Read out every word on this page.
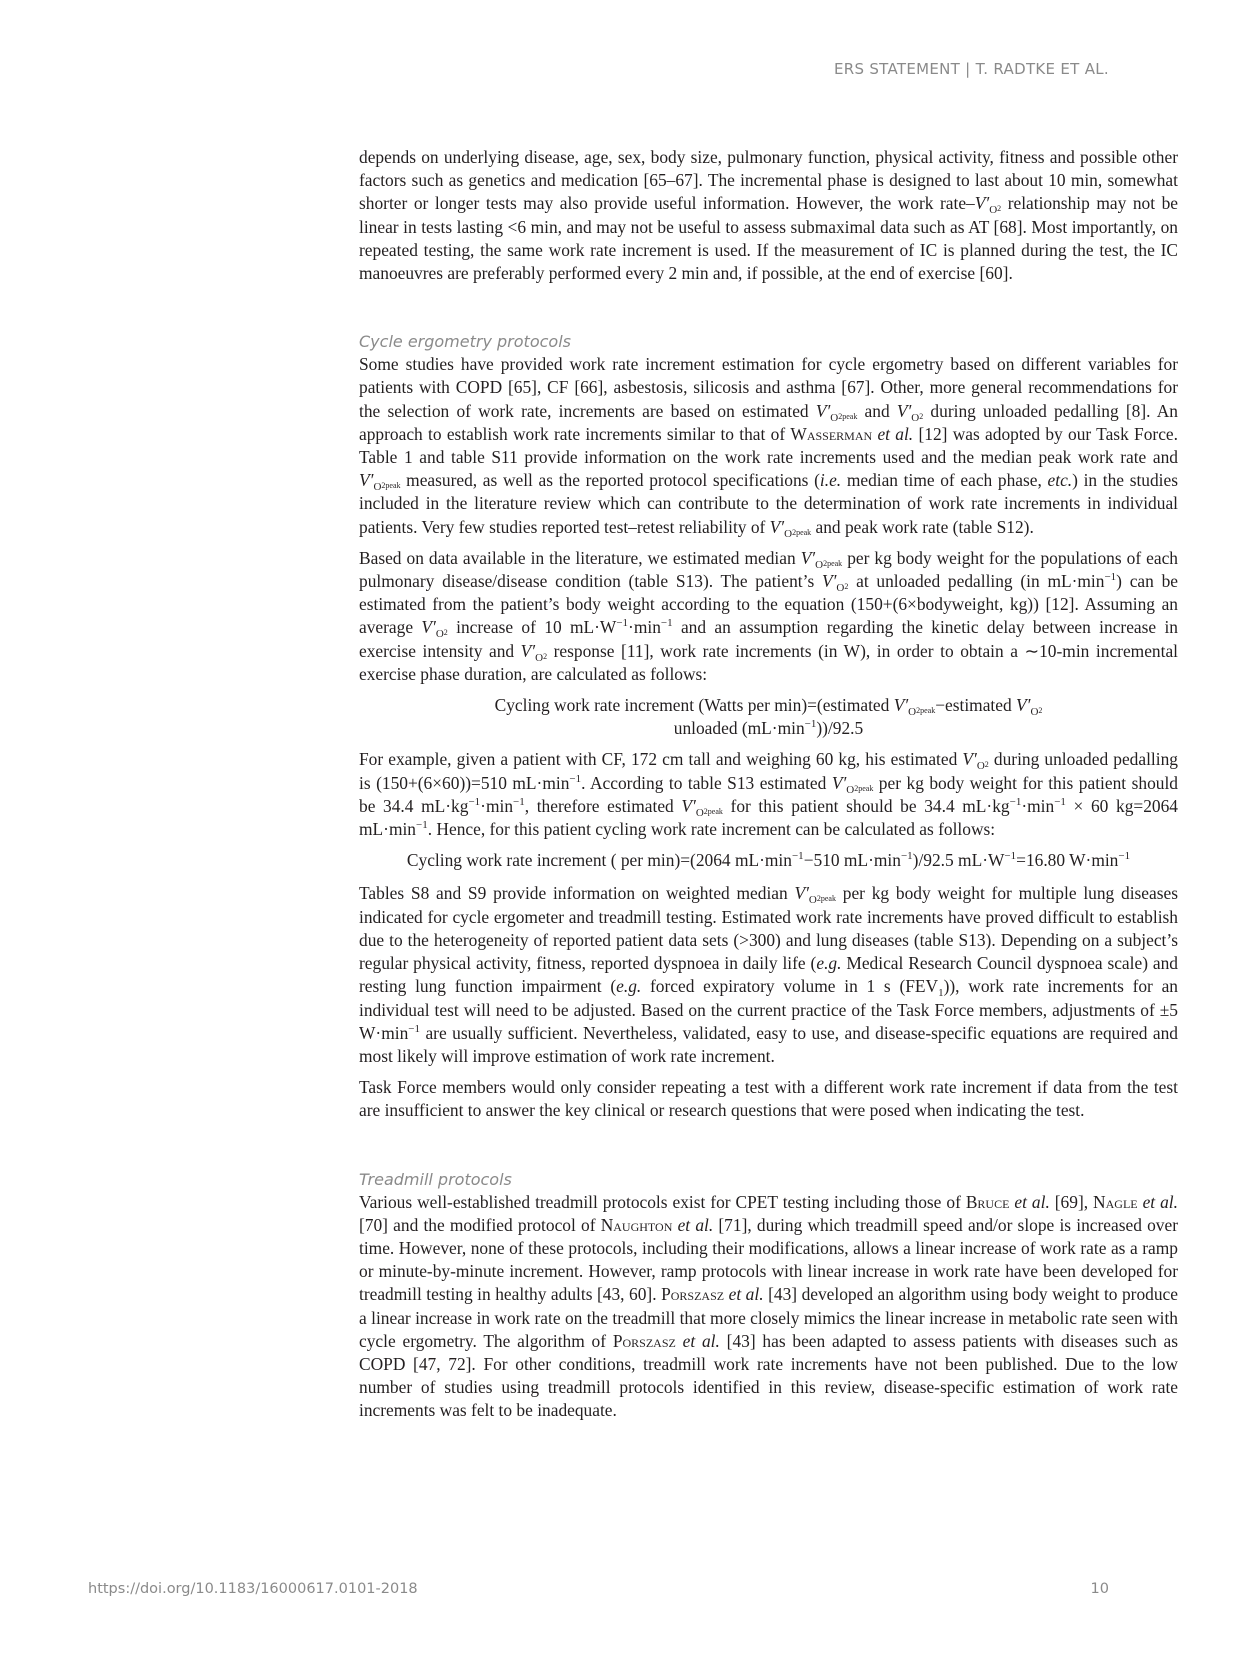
ERS STATEMENT | T. RADTKE ET AL.

depends on underlying disease, age, sex, body size, pulmonary function, physical activity, fitness and possible other factors such as genetics and medication [65–67]. The incremental phase is designed to last about 10 min, somewhat shorter or longer tests may also provide useful information. However, the work rate–$V'_{O2}$ relationship may not be linear in tests lasting <6 min, and may not be useful to assess submaximal data such as AT [68]. Most importantly, on repeated testing, the same work rate increment is used. If the measurement of IC is planned during the test, the IC manoeuvres are preferably performed every 2 min and, if possible, at the end of exercise [60].

Cycle ergometry protocols

Some studies have provided work rate increment estimation for cycle ergometry based on different variables for patients with COPD [65], CF [66], asbestosis, silicosis and asthma [67]. Other, more general recommendations for the selection of work rate, increments are based on estimated $V'_{O2peak}$ and $V'_{O2}$ during unloaded pedalling [8]. An approach to establish work rate increments similar to that of Wasserman et al. [12] was adopted by our Task Force. Table 1 and table S11 provide information on the work rate increments used and the median peak work rate and $V'_{O2peak}$ measured, as well as the reported protocol specifications (i.e. median time of each phase, etc.) in the studies included in the literature review which can contribute to the determination of work rate increments in individual patients. Very few studies reported test–retest reliability of $V'_{O2peak}$ and peak work rate (table S12).

Based on data available in the literature, we estimated median $V'_{O2peak}$ per kg body weight for the populations of each pulmonary disease/disease condition (table S13). The patient’s $V'_{O2}$ at unloaded pedalling (in $mL\cdot\min^{-1}$) can be estimated from the patient’s body weight according to the equation (150+(6×bodyweight, kg)) [12]. Assuming an average $V'_{O2}$ increase of 10 $mL\cdot W^{-1}\cdot\min^{-1}$ and an assumption regarding the kinetic delay between increase in exercise intensity and $V'_{O2}$ response [11], work rate increments (in W), in order to obtain a ∼10-min incremental exercise phase duration, are calculated as follows:

Cycling work rate increment (Watts per min)=(estimated $V'_{O2peak}-estimated$ $V'_{O2}$
unloaded $(mL\cdot\min^{-1}))/92.5$

For example, given a patient with CF, 172 cm tall and weighing 60 kg, his estimated $V'_{O2}$ during unloaded pedalling is (150+(6×60))=510 $mL\cdot\min^{-1}$. According to table S13 estimated $V'_{O2peak}$ per kg body weight for this patient should be 34.4 $mL\cdot kg^{-1}\cdot\min^{-1}$, therefore estimated $V'_{O2peak}$ for this patient should be 34.4 $mL\cdot kg^{-1}\cdot\min^{-1} \times 60$ kg=2064 $mL\cdot\min^{-1}$. Hence, for this patient cycling work rate increment can be calculated as follows:

Cycling work rate increment ( per min)=(2064 $mL\cdot\min^{-1}-510$ $mL\cdot\min^{-1})/92.5$ $mL\cdot W^{-1}=16.80$ $W\cdot\min^{-1}$

Tables S8 and S9 provide information on weighted median $V'_{O2peak}$ per kg body weight for multiple lung diseases indicated for cycle ergometer and treadmill testing. Estimated work rate increments have proved difficult to establish due to the heterogeneity of reported patient data sets (>300) and lung diseases (table S13). Depending on a subject’s regular physical activity, fitness, reported dyspnoea in daily life (e.g. Medical Research Council dyspnoea scale) and resting lung function impairment (e.g. forced expiratory volume in 1 s $(FEV_1)$), work rate increments for an individual test will need to be adjusted. Based on the current practice of the Task Force members, adjustments of ±5 $W\cdot\min^{-1}$ are usually sufficient. Nevertheless, validated, easy to use, and disease-specific equations are required and most likely will improve estimation of work rate increment.

Task Force members would only consider repeating a test with a different work rate increment if data from the test are insufficient to answer the key clinical or research questions that were posed when indicating the test.

Treadmill protocols

Various well-established treadmill protocols exist for CPET testing including those of Bruce et al. [69], Nagle et al. [70] and the modified protocol of Naughton et al. [71], during which treadmill speed and/or slope is increased over time. However, none of these protocols, including their modifications, allows a linear increase of work rate as a ramp or minute-by-minute increment. However, ramp protocols with linear increase in work rate have been developed for treadmill testing in healthy adults [43, 60]. Porszasz et al. [43] developed an algorithm using body weight to produce a linear increase in work rate on the treadmill that more closely mimics the linear increase in metabolic rate seen with cycle ergometry. The algorithm of Porszasz et al. [43] has been adapted to assess patients with diseases such as COPD [47, 72]. For other conditions, treadmill work rate increments have not been published. Due to the low number of studies using treadmill protocols identified in this review, disease-specific estimation of work rate increments was felt to be inadequate.

https://doi.org/10.1183/16000617.0101-2018	10
